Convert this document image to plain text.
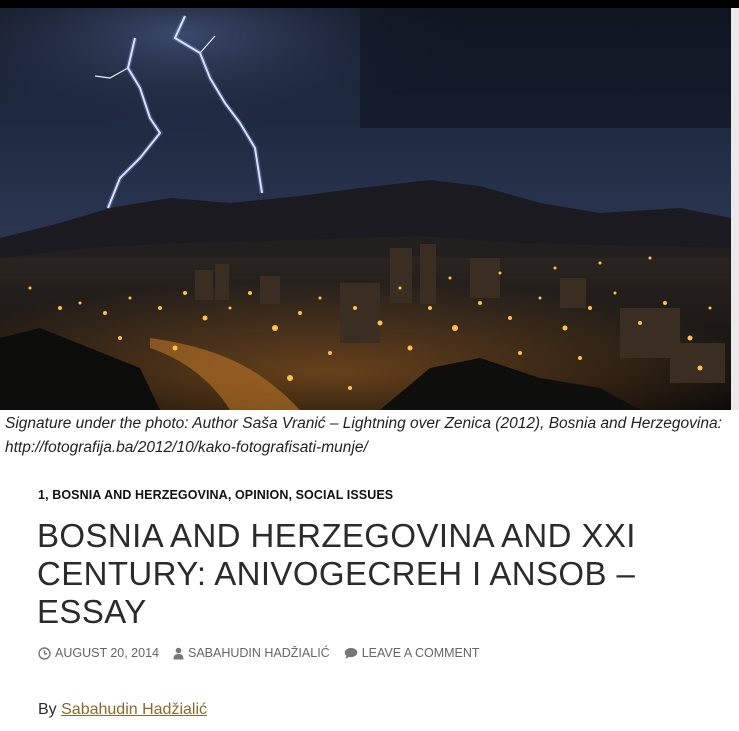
Signature under the photo: Author Saša Vranić – Lightning over Zenica (2012), Bosnia and Herzegovina:
http://fotografija.ba/2012/10/kako-fotografisati-munje/
1, BOSNIA AND HERZEGOVINA, OPINION, SOCIAL ISSUES
BOSNIA AND HERZEGOVINA AND XXI
CENTURY: ANIVOGECREH I ANSOB –
ESSAY
AUGUST 20, 2014 SABAHUDIN HADŽIALIĆ	LEAVE A COMMENT
By Sabahudin Hadžialić
